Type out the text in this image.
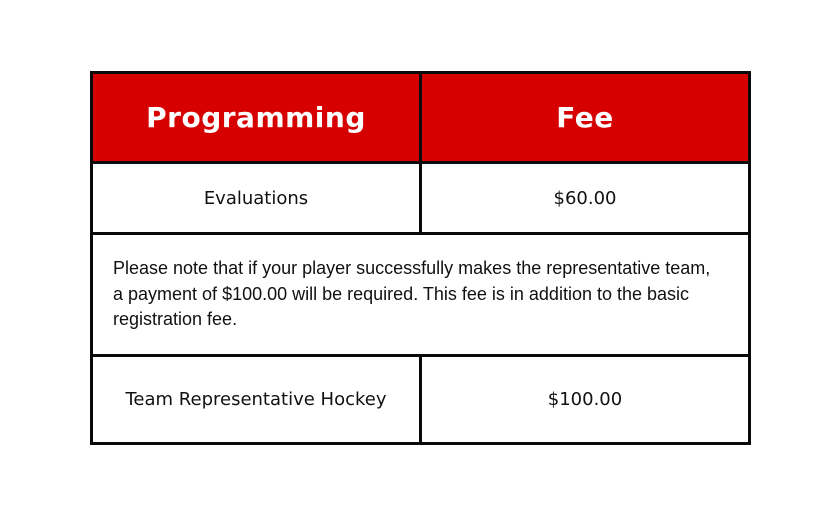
Programming	Fee
Evaluations	$60.00
Please note that if your player successfully makes the representative team, a payment of $100.00 will be required. This fee is in addition to the basic registration fee.	
Team Representative Hockey	$100.00
